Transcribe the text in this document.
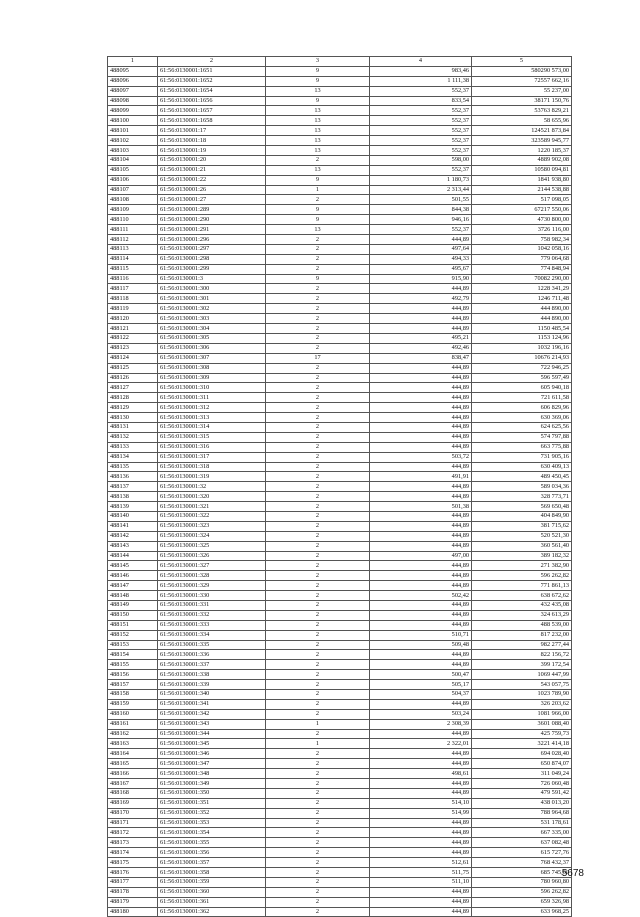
1	2	3	4	5
488095	61:56:0130001:1651	9	983,46	580290 573,00
488096	61:56:0130001:1652	9	1 111,38	72557 662,16
488097	61:56:0130001:1654	13	552,37	55 237,00
488098	61:56:0130001:1656	9	833,54	38171 150,76
488099	61:56:0130001:1657	13	552,37	53763 829,21
488100	61:56:0130001:1658	13	552,37	58 655,96
488101	61:56:0130001:17	13	552,37	124521 873,84
488102	61:56:0130001:18	13	552,37	323589 945,77
488103	61:56:0130001:19	13	552,37	1220 185,37
488104	61:56:0130001:20	2	598,00	4889 902,08
488105	61:56:0130001:21	13	552,37	10580 094,81
488106	61:56:0130001:22	9	1 180,73	1841 938,80
488107	61:56:0130001:26	1	2 313,44	2144 538,88
488108	61:56:0130001:27	2	501,55	517 098,05
488109	61:56:0130001:289	9	844,38	67217 550,06
488110	61:56:0130001:290	9	946,16	4730 800,00
488111	61:56:0130001:291	13	552,37	3726 116,00
488112	61:56:0130001:296	2	444,89	758 982,34
488113	61:56:0130001:297	2	497,64	1042 058,16
488114	61:56:0130001:298	2	494,33	779 064,68
488115	61:56:0130001:299	2	495,67	774 848,94
488116	61:56:0130001:3	9	915,90	70082 290,00
488117	61:56:0130001:300	2	444,89	1228 341,29
488118	61:56:0130001:301	2	492,79	1246 711,48
488119	61:56:0130001:302	2	444,89	444 890,00
488120	61:56:0130001:303	2	444,89	444 890,00
488121	61:56:0130001:304	2	444,89	1150 485,54
488122	61:56:0130001:305	2	495,21	1153 124,96
488123	61:56:0130001:306	2	492,46	1032 196,16
488124	61:56:0130001:307	17	838,47	10676 214,93
488125	61:56:0130001:308	2	444,89	722 946,25
488126	61:56:0130001:309	2	444,89	596 597,49
488127	61:56:0130001:310	2	444,89	605 940,18
488128	61:56:0130001:311	2	444,89	721 611,58
488129	61:56:0130001:312	2	444,89	606 829,96
488130	61:56:0130001:313	2	444,89	630 369,06
488131	61:56:0130001:314	2	444,89	624 625,56
488132	61:56:0130001:315	2	444,89	574 797,88
488133	61:56:0130001:316	2	444,89	663 775,88
488134	61:56:0130001:317	2	503,72	731 905,16
488135	61:56:0130001:318	2	444,89	630 409,13
488136	61:56:0130001:319	2	491,91	489 450,45
488137	61:56:0130001:32	2	444,89	589 034,36
488138	61:56:0130001:320	2	444,89	328 773,71
488139	61:56:0130001:321	2	501,38	569 650,48
488140	61:56:0130001:322	2	444,89	404 849,90
488141	61:56:0130001:323	2	444,89	381 715,62
488142	61:56:0130001:324	2	444,89	520 521,30
488143	61:56:0130001:325	2	444,89	360 561,40
488144	61:56:0130001:326	2	497,00	389 182,32
488145	61:56:0130001:327	2	444,89	271 382,90
488146	61:56:0130001:328	2	444,89	596 262,82
488147	61:56:0130001:329	2	444,89	771 861,13
488148	61:56:0130001:330	2	502,42	638 672,62
488149	61:56:0130001:331	2	444,89	432 435,08
488150	61:56:0130001:332	2	444,89	324 613,29
488151	61:56:0130001:333	2	444,89	488 539,00
488152	61:56:0130001:334	2	510,71	817 232,00
488153	61:56:0130001:335	2	509,48	982 277,44
488154	61:56:0130001:336	2	444,89	822 156,72
488155	61:56:0130001:337	2	444,89	399 172,54
488156	61:56:0130001:338	2	500,47	1069 447,99
488157	61:56:0130001:339	2	505,17	543 057,75
488158	61:56:0130001:340	2	504,37	1023 789,90
488159	61:56:0130001:341	2	444,89	326 203,62
488160	61:56:0130001:342	2	503,24	1081 966,00
488161	61:56:0130001:343	1	2 308,39	3601 088,40
488162	61:56:0130001:344	2	444,89	425 759,73
488163	61:56:0130001:345	1	2 322,01	3221 414,18
488164	61:56:0130001:346	2	444,89	694 028,40
488165	61:56:0130001:347	2	444,89	650 874,07
488166	61:56:0130001:348	2	498,61	311 049,24
488167	61:56:0130001:349	2	444,89	726 060,48
488168	61:56:0130001:350	2	444,89	479 591,42
488169	61:56:0130001:351	2	514,10	438 013,20
488170	61:56:0130001:352	2	514,99	788 964,68
488171	61:56:0130001:353	2	444,89	531 178,61
488172	61:56:0130001:354	2	444,89	667 335,00
488173	61:56:0130001:355	2	444,89	637 082,48
488174	61:56:0130001:356	2	444,89	615 727,76
488175	61:56:0130001:357	2	512,61	768 432,37
488176	61:56:0130001:358	2	511,75	685 745,00
488177	61:56:0130001:359	2	511,10	780 960,80
488178	61:56:0130001:360	2	444,89	596 262,82
488179	61:56:0130001:361	2	444,89	659 326,98
488180	61:56:0130001:362	2	444,89	633 968,25
5678
